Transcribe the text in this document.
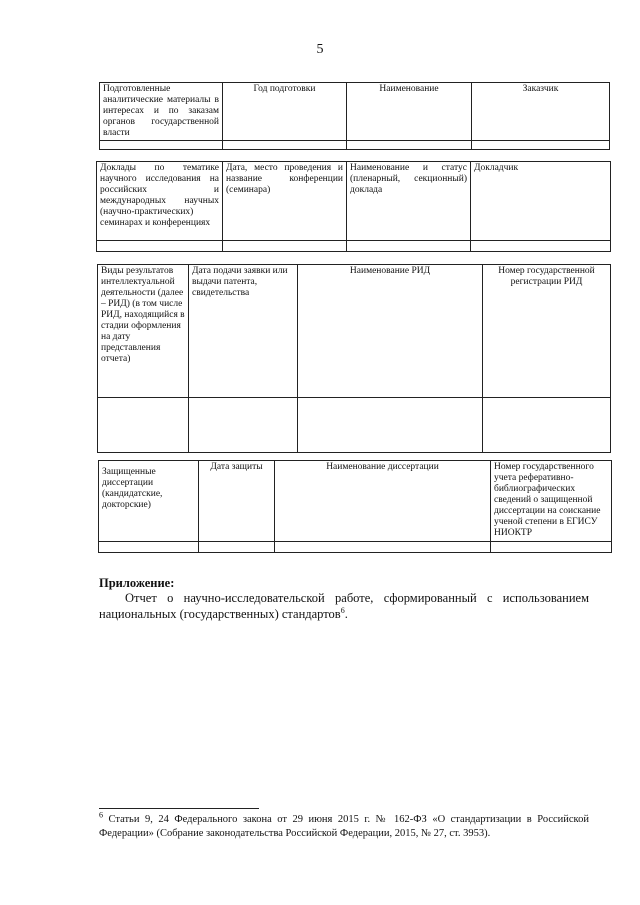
5
Подготовленные аналитические материалы в интересах и по заказам органов государственной власти	Год подготовки	Наименование	Заказчик

Доклады по тематике научного исследования на российских и международных научных (научно-практических) семинарах и конференциях	Дата, место проведения и название конференции (семинара)	Наименование и статус (пленарный, секционный) доклада	Докладчик

Виды результатов интеллектуальной деятельности (далее – РИД) (в том числе РИД, находящийся в стадии оформления на дату представления отчета)	Дата подачи заявки или выдачи патента, свидетельства	Наименование РИД	Номер государственной регистрации РИД

Защищенные диссертации (кандидатские, докторские)	Дата защиты	Наименование диссертации	Номер государственного учета реферативно-библиографических сведений о защищенной диссертации на соискание ученой степени в ЕГИСУ НИОКТР

Приложение:
Отчет о научно-исследовательской работе, сформированный с использованием национальных (государственных) стандартов$^6$.
$^6$ Статьи 9, 24 Федерального закона от 29 июня 2015 г. № 162-ФЗ «О стандартизации в Российской Федерации» (Собрание законодательства Российской Федерации, 2015, № 27, ст. 3953).
